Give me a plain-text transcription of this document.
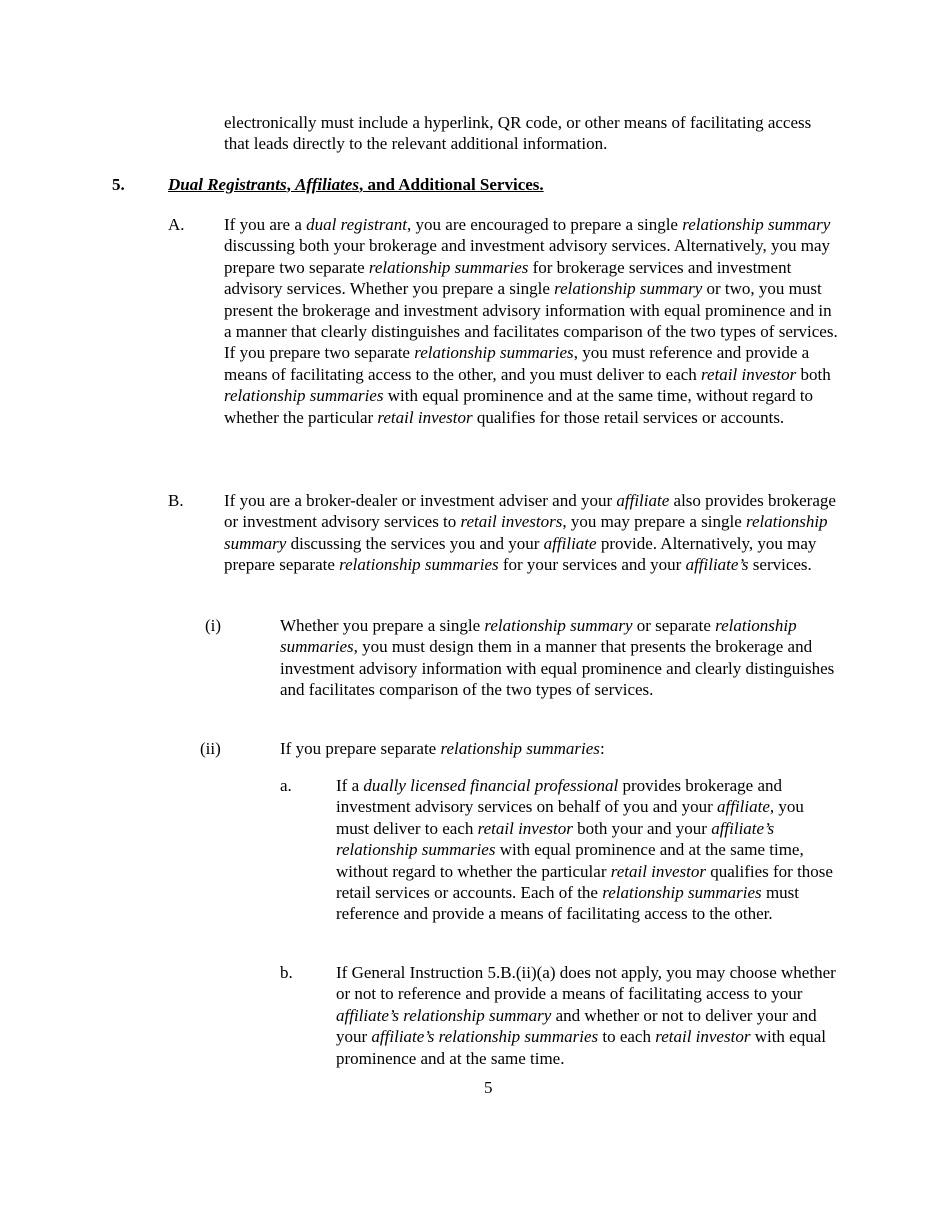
electronically must include a hyperlink, QR code, or other means of facilitating access that leads directly to the relevant additional information.

5.	Dual Registrants, Affiliates, and Additional Services.

A. If you are a dual registrant, you are encouraged to prepare a single relationship summary discussing both your brokerage and investment advisory services. Alternatively, you may prepare two separate relationship summaries for brokerage services and investment advisory services. Whether you prepare a single relationship summary or two, you must present the brokerage and investment advisory information with equal prominence and in a manner that clearly distinguishes and facilitates comparison of the two types of services. If you prepare two separate relationship summaries, you must reference and provide a means of facilitating access to the other, and you must deliver to each retail investor both relationship summaries with equal prominence and at the same time, without regard to whether the particular retail investor qualifies for those retail services or accounts.

B. If you are a broker-dealer or investment adviser and your affiliate also provides brokerage or investment advisory services to retail investors, you may prepare a single relationship summary discussing the services you and your affiliate provide. Alternatively, you may prepare separate relationship summaries for your services and your affiliate’s services.

(i)	Whether you prepare a single relationship summary or separate relationship summaries, you must design them in a manner that presents the brokerage and investment advisory information with equal prominence and clearly distinguishes and facilitates comparison of the two types of services.

(ii)	If you prepare separate relationship summaries:

a.	If a dually licensed financial professional provides brokerage and investment advisory services on behalf of you and your affiliate, you must deliver to each retail investor both your and your affiliate’s relationship summaries with equal prominence and at the same time, without regard to whether the particular retail investor qualifies for those retail services or accounts. Each of the relationship summaries must reference and provide a means of facilitating access to the other.

b.	If General Instruction 5.B.(ii)(a) does not apply, you may choose whether or not to reference and provide a means of facilitating access to your affiliate’s relationship summary and whether or not to deliver your and your affiliate’s relationship summaries to each retail investor with equal prominence and at the same time.

5
